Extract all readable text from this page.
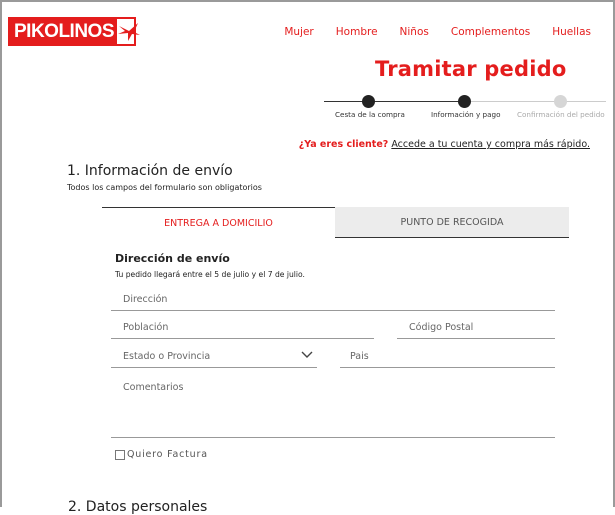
PIKOLINOS	Mujer Hombre Niños Complementos Huellas
Tramitar pedido
Cesta de la compra	Información y pago Confirmación del pedido
¿Ya eres cliente? Accede a tu cuenta y compra más rápido.
1. Información de envío
Todos los campos del formulario son obligatorios
ENTREGA A DOMICILIO	PUNTO DE RECOGIDA
Dirección de envío
Tu pedido llegará entre el 5 de julio y el 7 de julio.
Dirección
Población	Código Postal
Estado o Provincia	Pais
Comentarios
Quiero Factura
2. Datos personales
